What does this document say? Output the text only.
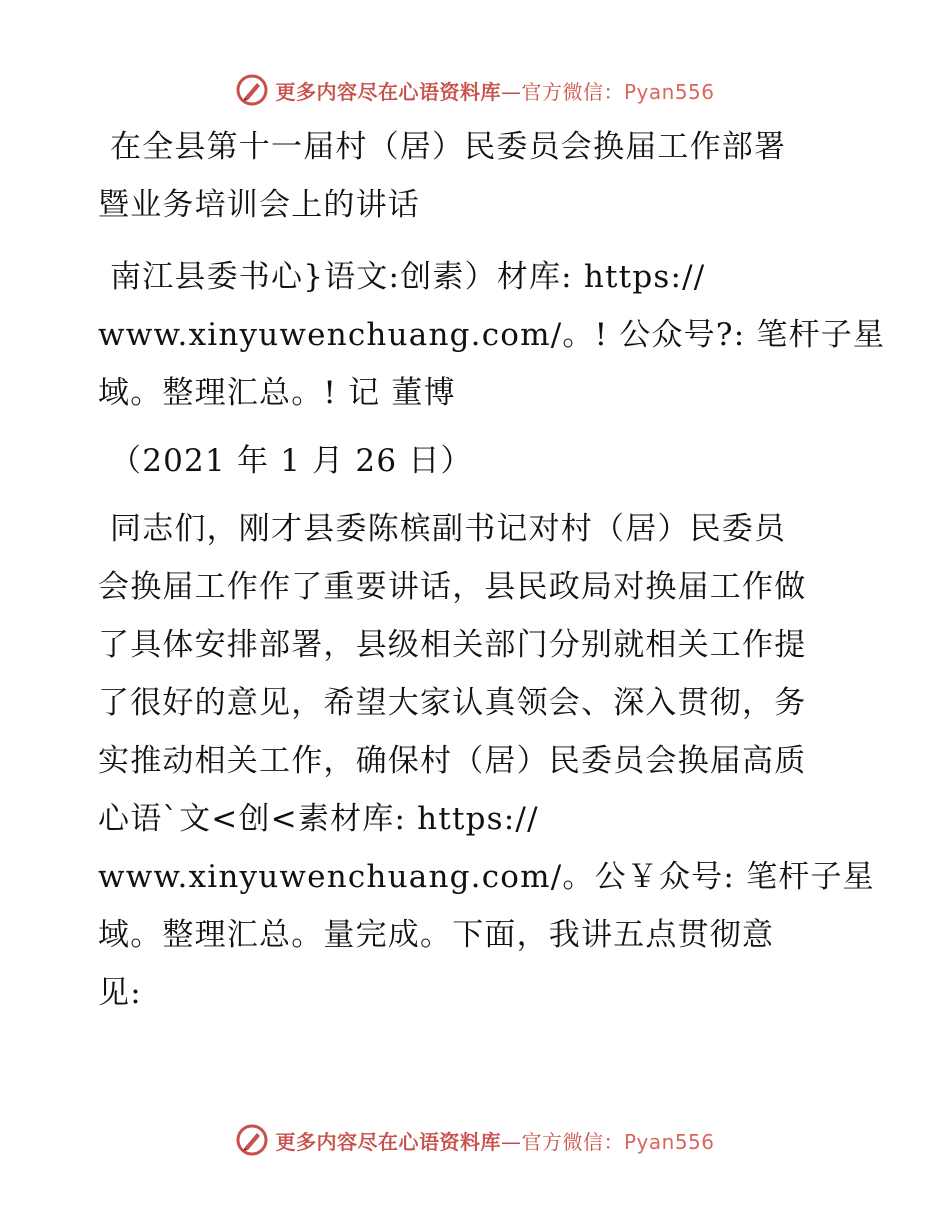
更多内容尽在心语资料库—官方微信：Pyan556
在全县第十一届村（居）民委员会换届工作部署
暨业务培训会上的讲话
南江县委书心}语文:创素）材库: https://
www.xinyuwenchuang.com/。! 公众号?: 笔杆子星
域。整理汇总。! 记 董博
（2021 年 1 月 26 日）
同志们，刚才县委陈槟副书记对村（居）民委员
会换届工作作了重要讲话，县民政局对换届工作做
了具体安排部署，县级相关部门分别就相关工作提
了很好的意见，希望大家认真领会、深入贯彻，务
实推动相关工作，确保村（居）民委员会换届高质
心语`文<创<素材库: https://
www.xinyuwenchuang.com/。公￥众号: 笔杆子星
域。整理汇总。量完成。下面，我讲五点贯彻意
见:
更多内容尽在心语资料库—官方微信：Pyan556
